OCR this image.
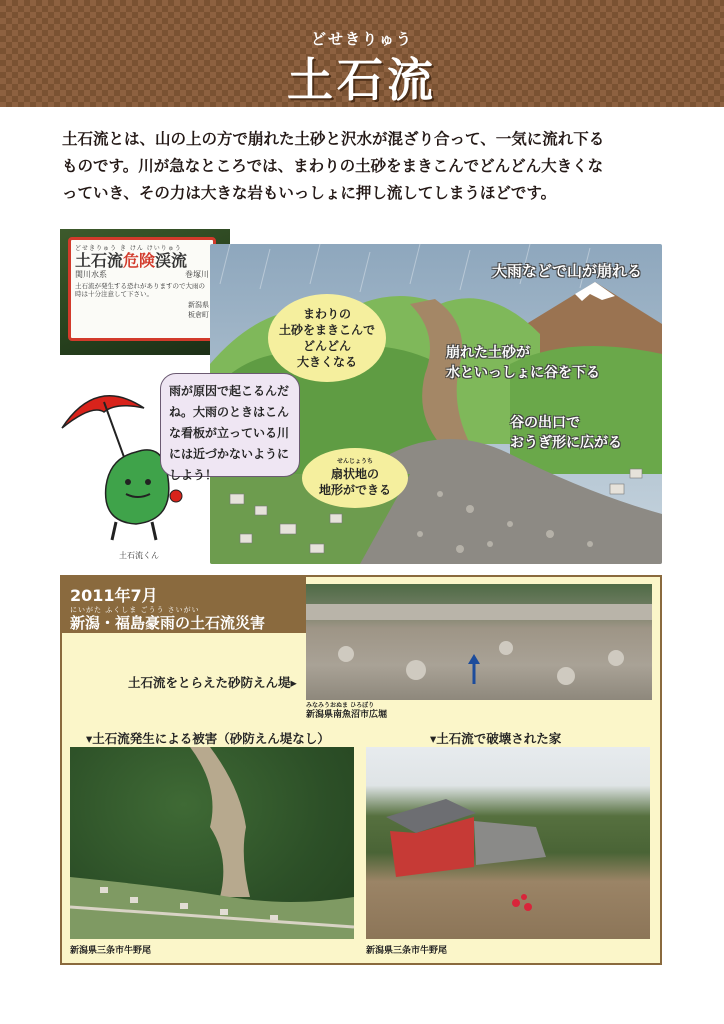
どせきりゅう
土石流

土石流とは、山の上の方で崩れた土砂と沢水が混ざり合って、一気に流れ下る

ものです。川が急なところでは、まわりの土砂をまきこんでどんどん大きくな

っていき、その力は大きな岩もいっしょに押し流してしまうほどです。

どせきりゅう き けん けいりゅう
土石流危険渓流
関川水系	巻塚川
土石流が発生する恐れがありますので大雨の時は十分注意して下さい。
新潟県
板倉町
大雨などで山が崩れる
崩れた土砂が
水といっしょに谷を下る
谷の出口で
おうぎ形に広がる
まわりの
土砂をまきこんで
どんどん
大きくなる
せんじょうち
扇状地の
地形ができる
雨が原因で起こるんだね。大雨のときはこんな看板が立っている川には近づかないようにしよう！
土石流くん
2011年7月
にいがた ふくしま ごうう さいがい
新潟・福島豪雨の土石流災害
土石流をとらえた砂防えん堤▸
みなみうおぬま ひろぼり
新潟県南魚沼市広堀
▾土石流発生による被害（砂防えん堤なし）
新潟県三条市牛野尾
▾土石流で破壊された家
新潟県三条市牛野尾
